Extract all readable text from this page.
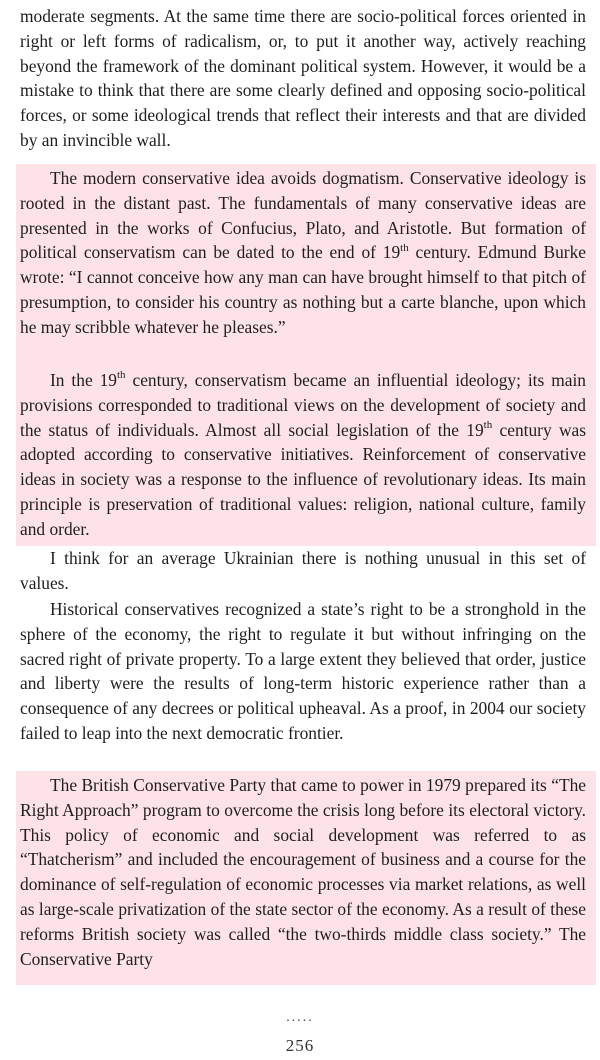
moderate segments. At the same time there are socio-political forces oriented in right or left forms of radicalism, or, to put it another way, actively reaching beyond the framework of the dominant political system. However, it would be a mistake to think that there are some clearly defined and opposing socio-political forces, or some ideological trends that reflect their interests and that are divided by an invincible wall.

The modern conservative idea avoids dogmatism. Conservative ideology is rooted in the distant past. The fundamentals of many conservative ideas are presented in the works of Confucius, Plato, and Aristotle. But formation of political conservatism can be dated to the end of 19th century. Edmund Burke wrote: “I cannot conceive how any man can have brought himself to that pitch of presumption, to consider his country as nothing but a carte blanche, upon which he may scribble whatever he pleases.”

In the 19th century, conservatism became an influential ideology; its main provisions corresponded to traditional views on the development of society and the status of individuals. Almost all social legislation of the 19th century was adopted according to conservative initiatives. Reinforcement of conservative ideas in society was a response to the influence of revolutionary ideas. Its main principle is preservation of traditional values: religion, national culture, family and order.

I think for an average Ukrainian there is nothing unusual in this set of values.

Historical conservatives recognized a state’s right to be a stronghold in the sphere of the economy, the right to regulate it but without infringing on the sacred right of private property. To a large extent they believed that order, justice and liberty were the results of long-term historic experience rather than a consequence of any decrees or political upheaval. As a proof, in 2004 our society failed to leap into the next democratic frontier.

The British Conservative Party that came to power in 1979 prepared its “The Right Approach” program to overcome the crisis long before its electoral victory. This policy of economic and social development was referred to as “Thatcherism” and included the encouragement of business and a course for the dominance of self-regulation of economic processes via market relations, as well as large-scale privatization of the state sector of the economy. As a result of these reforms British society was called “the two-thirds middle class society.” The Conservative Party

.....
256
